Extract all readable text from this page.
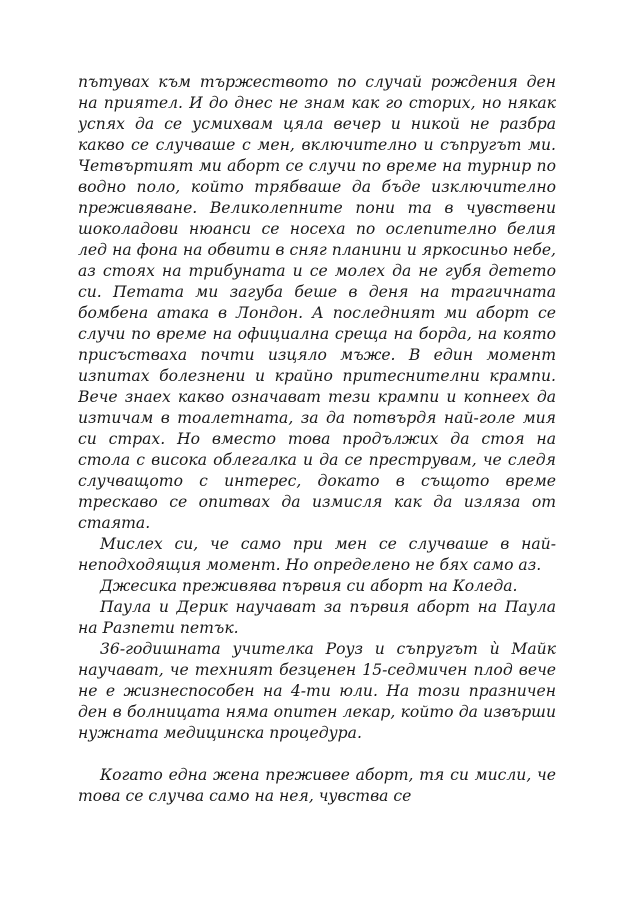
пътувах към тържеството по случай рождения ден на приятел. И до днес не знам как го сторих, но някак успях да се усмихвам цяла вечер и никой не разбра какво се случваше с мен, включително и съпругът ми. Четвъртият ми аборт се случи по време на турнир по водно поло, който трябваше да бъде изключително преживяване. Великолепните пони та в чувствени шоколадови нюанси се носеха по ослепително белия лед на фона на обвити в сняг планини и яркосиньо небе, аз стоях на трибуната и се молех да не губя детето си. Петата ми загуба беше в деня на трагичната бомбена атака в Лондон. А последният ми аборт се случи по време на официална среща на борда, на която присъстваха почти изцяло мъже. В един момент изпитах болезнени и крайно притеснителни крампи. Вече знаех какво означават тези крампи и копнеех да изтичам в тоалетната, за да потвърдя най-голе мия си страх. Но вместо това продължих да стоя на стола с висока облегалка и да се преструвам, че следя случващото с интерес, докато в същото време трескаво се опитвах да измисля как да изляза от стаята.

Мислех си, че само при мен се случваше в най-неподходящия момент. Но определено не бях само аз.

Джесика преживява първия си аборт на Коледа.

Паула и Дерик научават за първия аборт на Паула на Разпети петък.

36-годишната учителка Роуз и съпругът ѝ Майк научават, че техният безценен 15-седмичен плод вече не е жизнеспособен на 4-ти юли. На този празничен ден в болницата няма опитен лекар, който да извърши нужната медицинска процедура.

Когато една жена преживее аборт, тя си мисли, че това се случва само на нея, чувства се
